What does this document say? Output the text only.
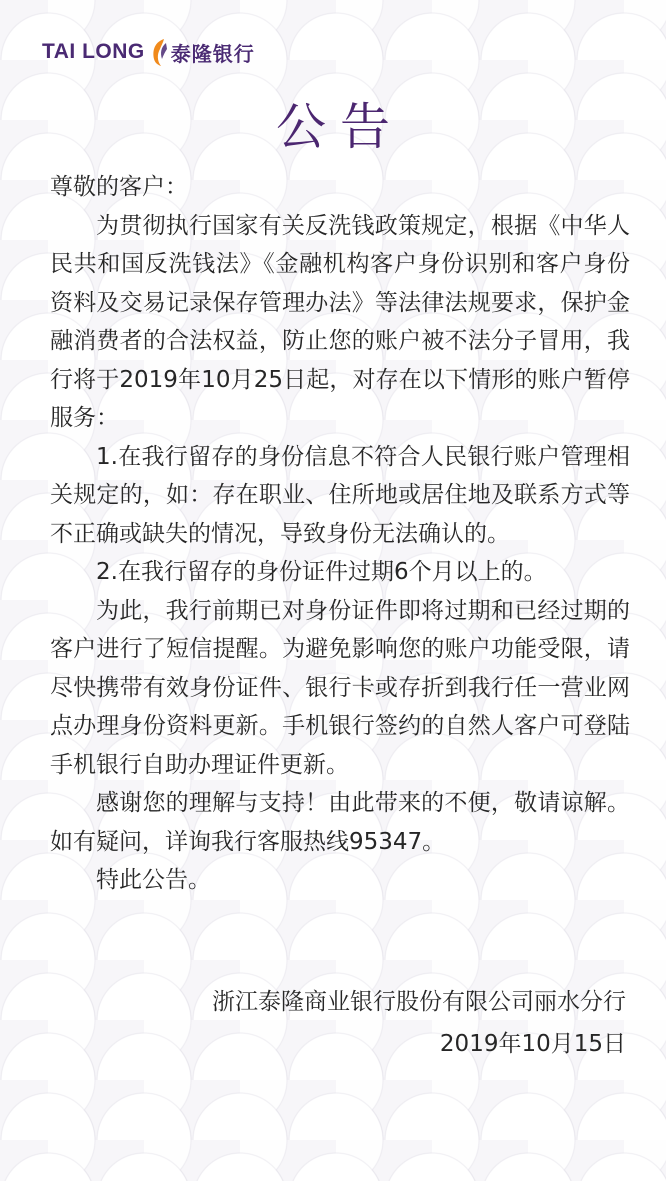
TAI LONG 泰隆银行
公告

尊敬的客户：

为贯彻执行国家有关反洗钱政策规定，根据《中华人民共和国反洗钱法》《金融机构客户身份识别和客户身份资料及交易记录保存管理办法》等法律法规要求，保护金融消费者的合法权益，防止您的账户被不法分子冒用，我行将于2019年10月25日起，对存在以下情形的账户暂停服务：

1.在我行留存的身份信息不符合人民银行账户管理相关规定的，如：存在职业、住所地或居住地及联系方式等不正确或缺失的情况，导致身份无法确认的。

2.在我行留存的身份证件过期6个月以上的。

为此，我行前期已对身份证件即将过期和已经过期的客户进行了短信提醒。为避免影响您的账户功能受限，请尽快携带有效身份证件、银行卡或存折到我行任一营业网点办理身份资料更新。手机银行签约的自然人客户可登陆手机银行自助办理证件更新。

感谢您的理解与支持！由此带来的不便，敬请谅解。如有疑问，详询我行客服热线95347。

特此公告。

浙江泰隆商业银行股份有限公司丽水分行
2019年10月15日
